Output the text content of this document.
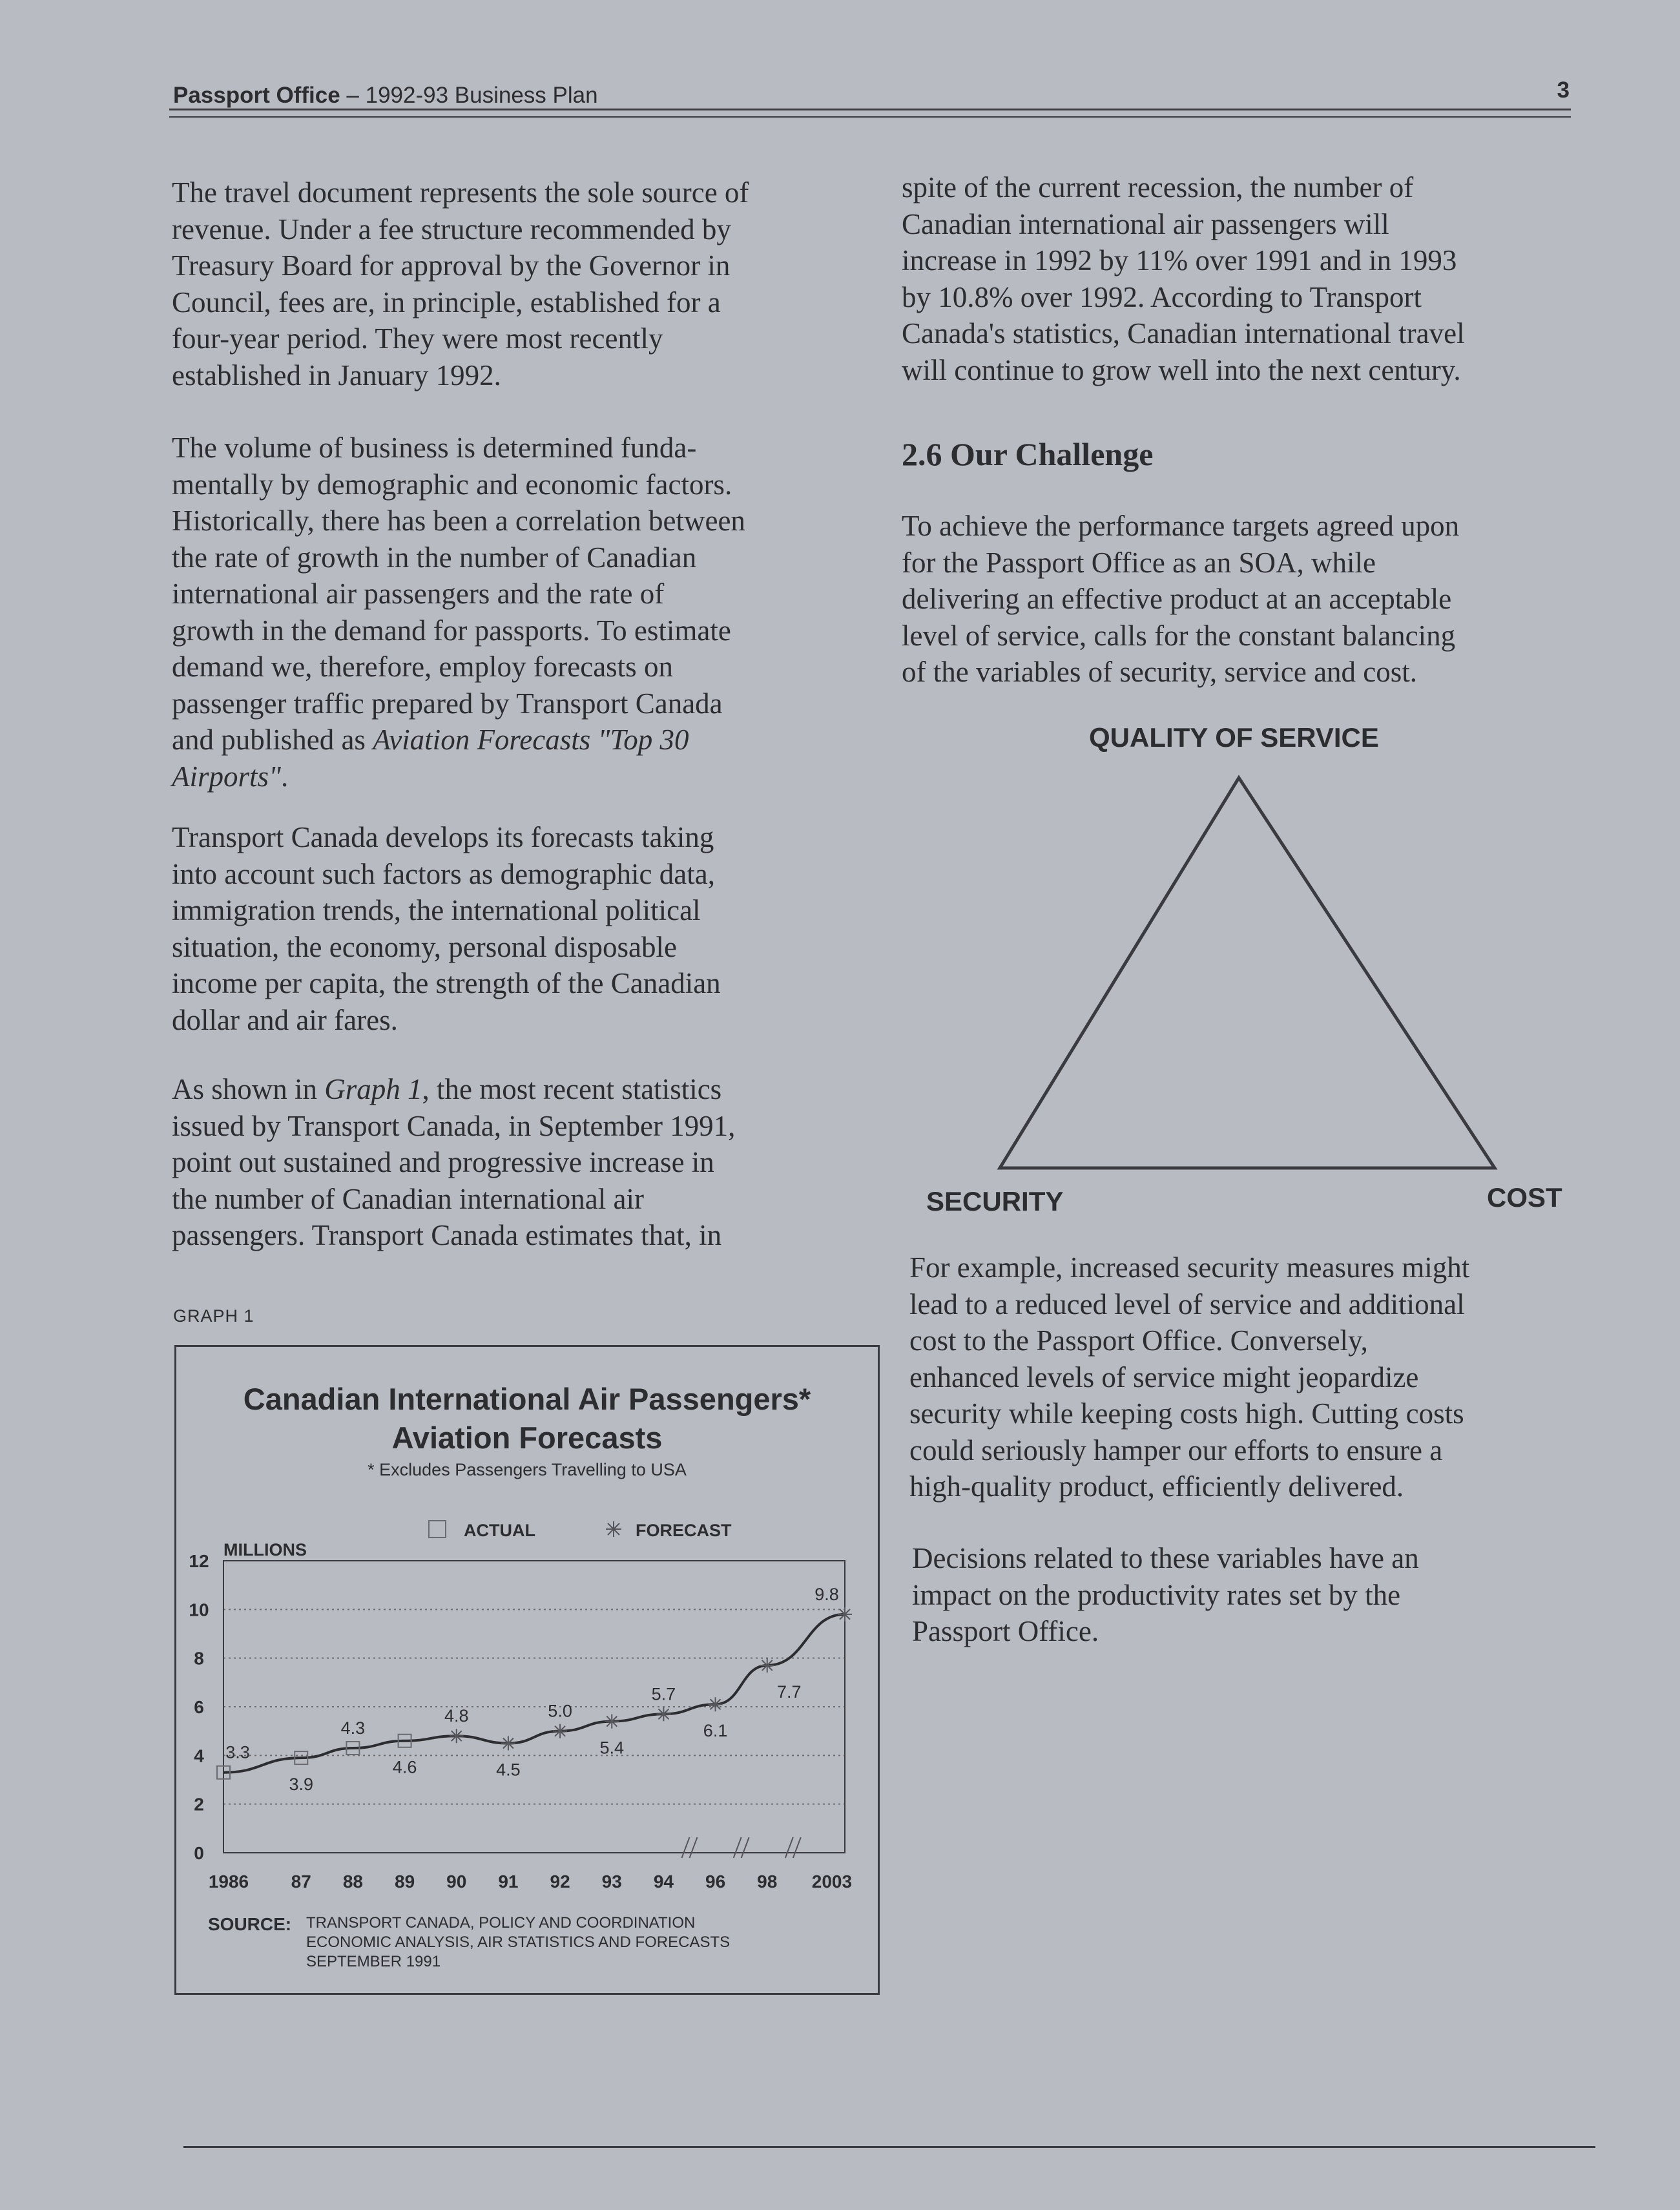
Passport Office – 1992-93 Business Plan	3
The travel document represents the sole source of
revenue. Under a fee structure recommended by
Treasury Board for approval by the Governor in
Council, fees are, in principle, established for a
four-year period. They were most recently
established in January 1992.
The volume of business is determined funda-
mentally by demographic and economic factors.
Historically, there has been a correlation between
the rate of growth in the number of Canadian
international air passengers and the rate of
growth in the demand for passports. To estimate
demand we, therefore, employ forecasts on
passenger traffic prepared by Transport Canada
and published as Aviation Forecasts "Top 30
Airports".
Transport Canada develops its forecasts taking
into account such factors as demographic data,
immigration trends, the international political
situation, the economy, personal disposable
income per capita, the strength of the Canadian
dollar and air fares.
As shown in Graph 1, the most recent statistics
issued by Transport Canada, in September 1991,
point out sustained and progressive increase in
the number of Canadian international air
passengers. Transport Canada estimates that, in
GRAPH 1
Canadian International Air Passengers*
Aviation Forecasts
* Excludes Passengers Travelling to USA
0
2
4
6
8
10
12
1986 87 88 89 90 91 92 93 94 96 98 2003
MILLIONS
ACTUAL	FORECAST
3.3
3.9
4.3
4.6
4.8
4.5
5.0
5.4
5.7
6.1
7.7
9.8
SOURCE: TRANSPORT CANADA, POLICY AND COORDINATION
ECONOMIC ANALYSIS, AIR STATISTICS AND FORECASTS
SEPTEMBER 1991
spite of the current recession, the number of
Canadian international air passengers will
increase in 1992 by 11% over 1991 and in 1993
by 10.8% over 1992. According to Transport
Canada's statistics, Canadian international travel
will continue to grow well into the next century.
2.6 Our Challenge
To achieve the performance targets agreed upon
for the Passport Office as an SOA, while
delivering an effective product at an acceptable
level of service, calls for the constant balancing
of the variables of security, service and cost.
QUALITY OF SERVICE
SECURITY	COST
For example, increased security measures might
lead to a reduced level of service and additional
cost to the Passport Office. Conversely,
enhanced levels of service might jeopardize
security while keeping costs high. Cutting costs
could seriously hamper our efforts to ensure a
high-quality product, efficiently delivered.
Decisions related to these variables have an
impact on the productivity rates set by the
Passport Office.
